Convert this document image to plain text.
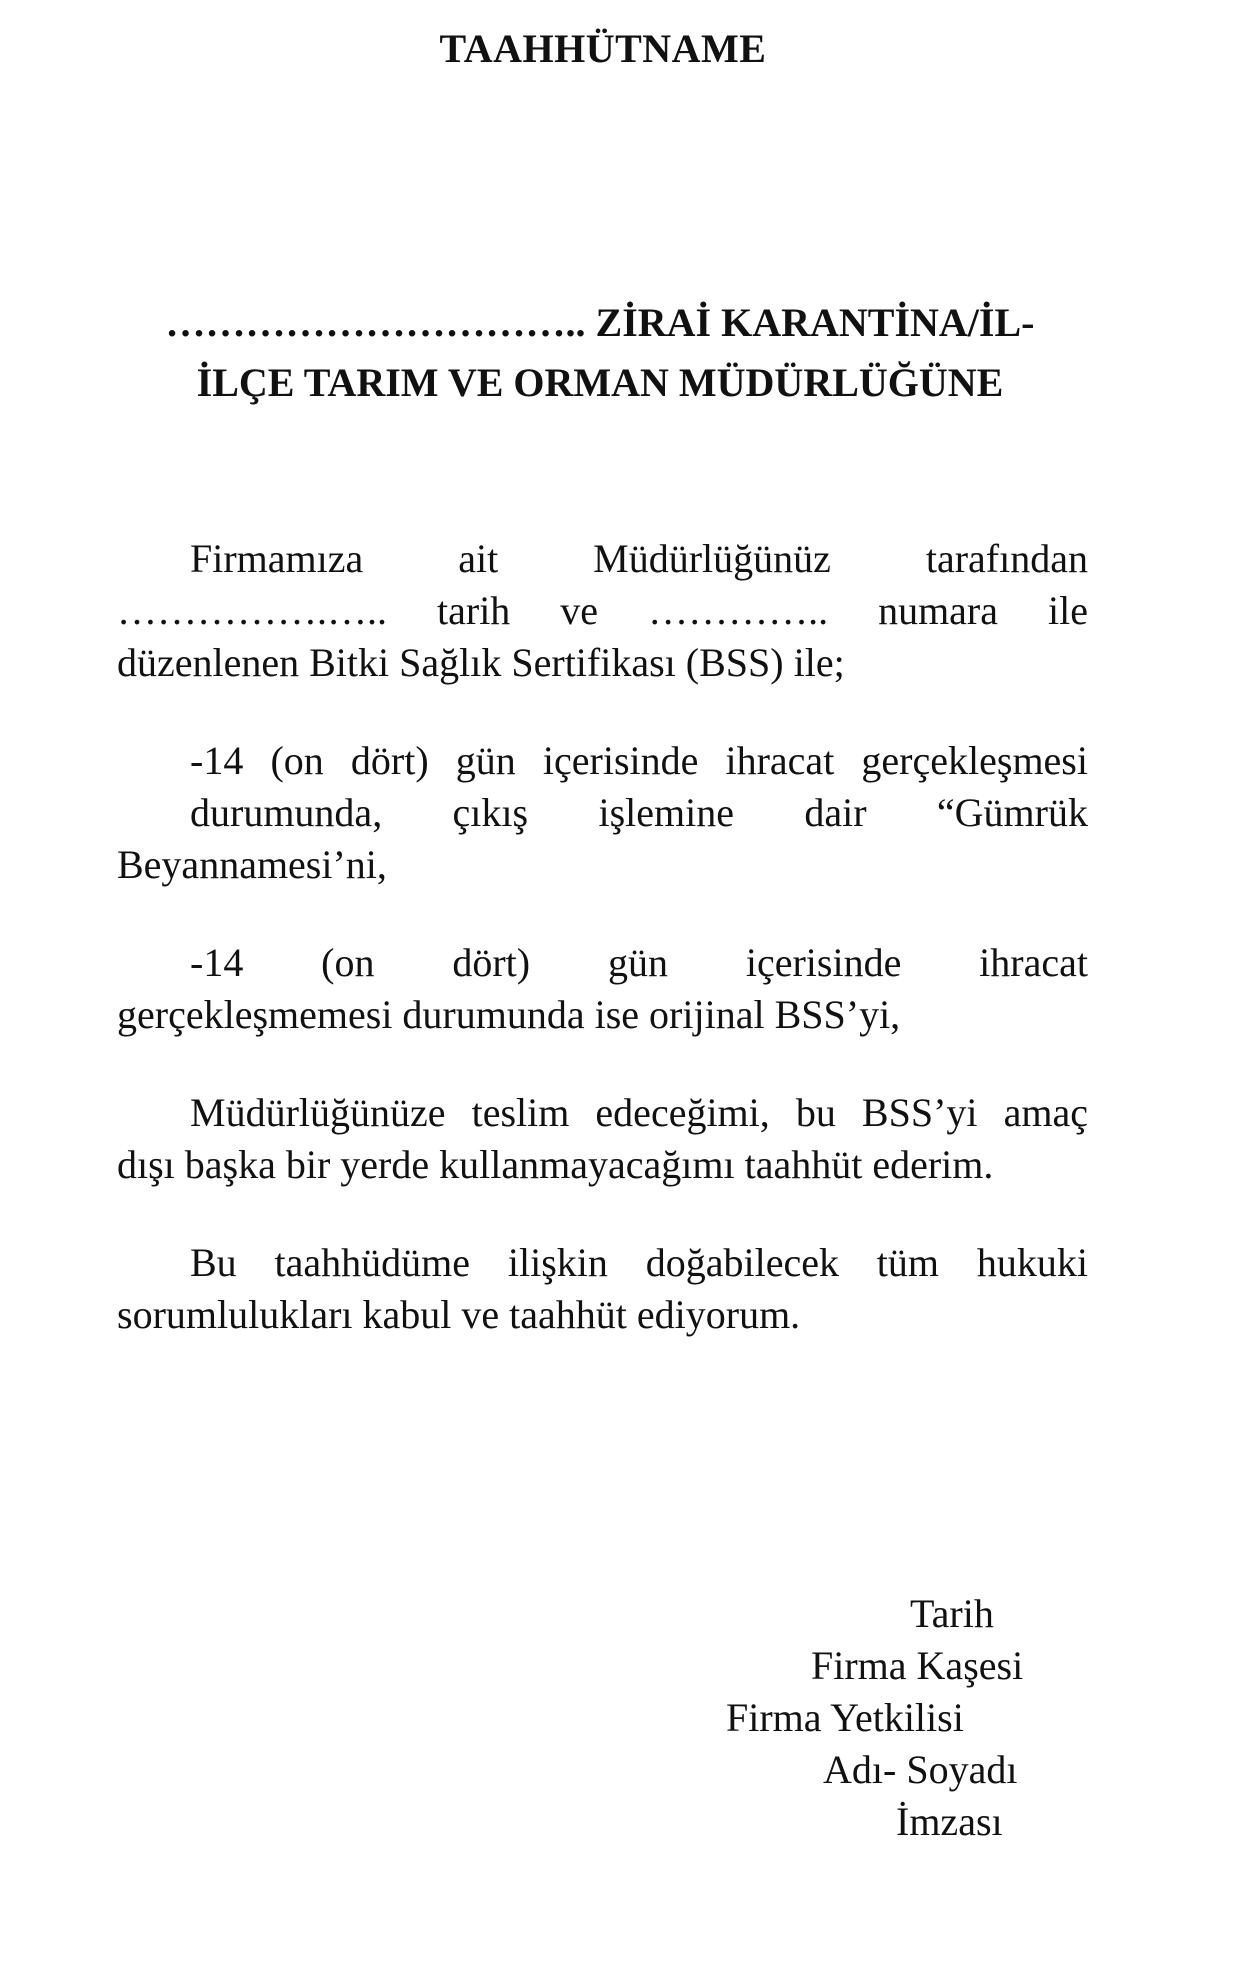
TAAHHÜTNAME
………………………….. ZİRAİ KARANTİNA/İL-
İLÇE TARIM VE ORMAN MÜDÜRLÜĞÜNE

Firmamıza ait Müdürlüğünüz tarafından
…………….….. tarih ve ………….. numara ile
düzenlenen Bitki Sağlık Sertifikası (BSS) ile;

-14 (on dört) gün içerisinde ihracat gerçekleşmesi
durumunda, çıkış işlemine dair “Gümrük
Beyannamesi’ni,

-14 (on dört) gün içerisinde ihracat
gerçekleşmemesi durumunda ise orijinal BSS’yi,

Müdürlüğünüze teslim edeceğimi, bu BSS’yi amaç
dışı başka bir yerde kullanmayacağımı taahhüt ederim.

Bu taahhüdüme ilişkin doğabilecek tüm hukuki
sorumlulukları kabul ve taahhüt ediyorum.

Tarih
Firma Kaşesi
Firma Yetkilisi
Adı- Soyadı
İmzası
